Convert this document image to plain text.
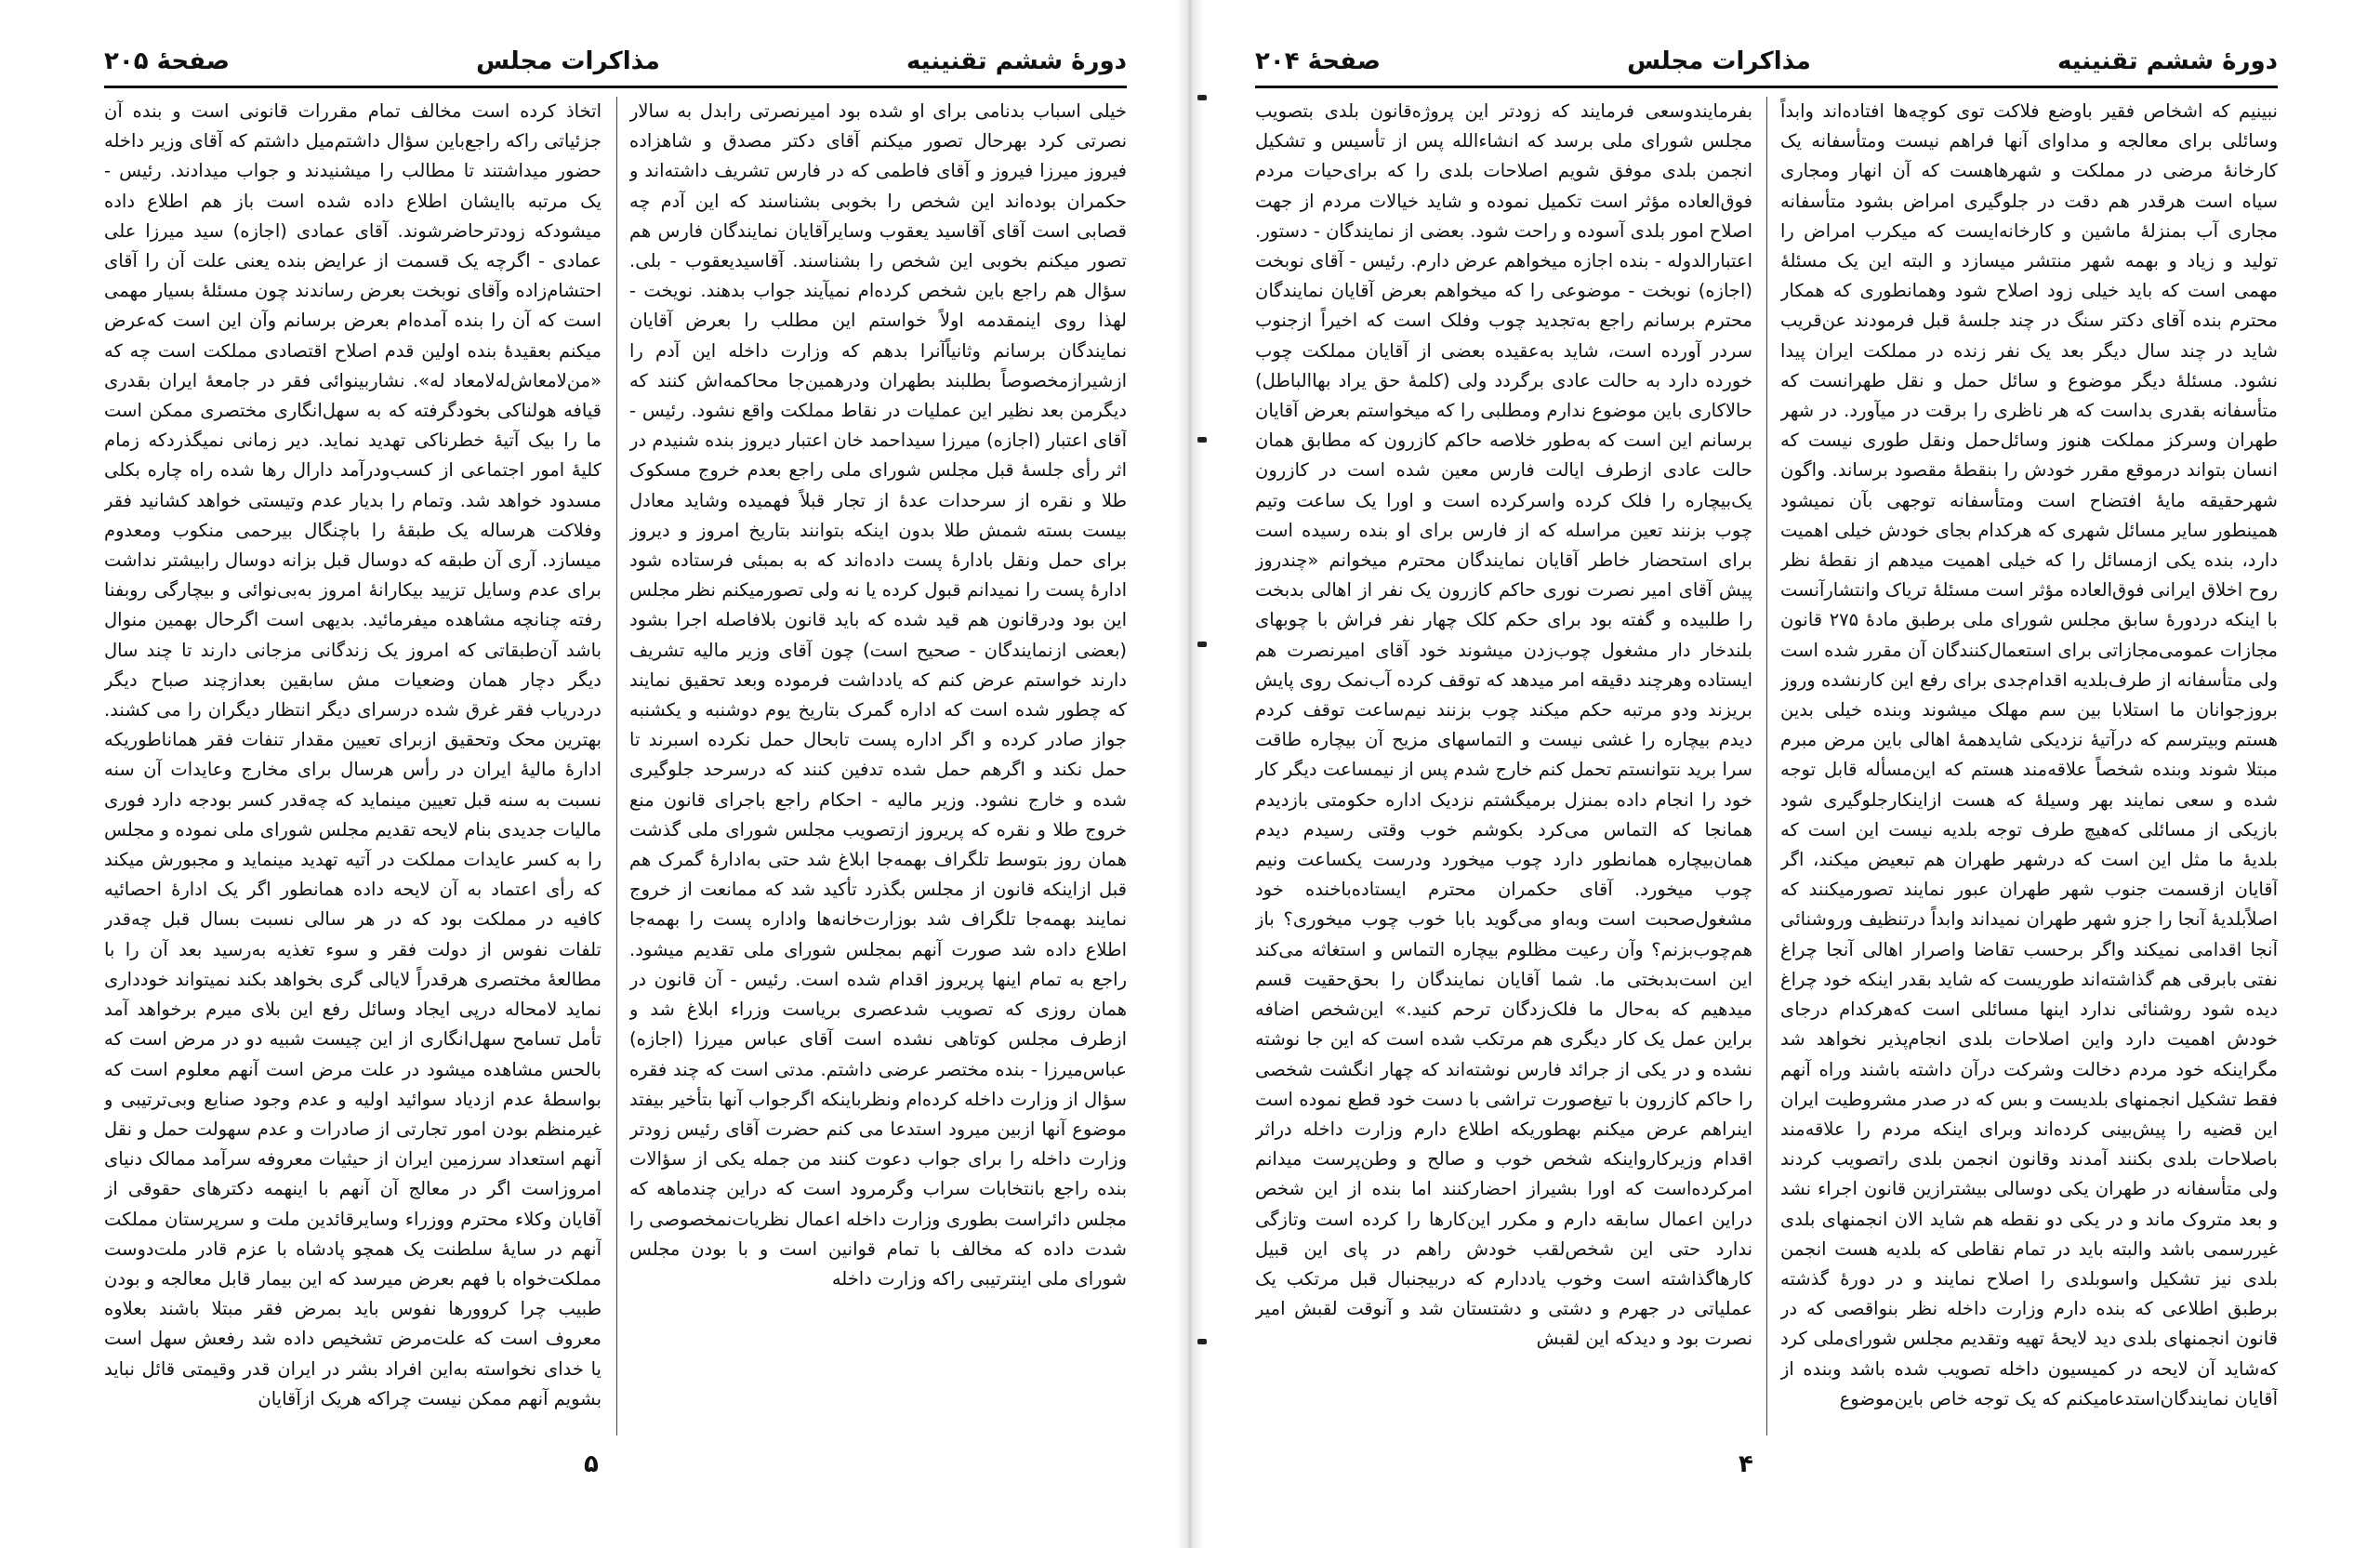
دورهٔ ششم تقنینیه
مذاکرات مجلس
صفحهٔ ۲۰۵

خیلی اسباب بدنامی برای او شده بود امیرنصرتی رابدل به سالار نصرتی کرد بهرحال تصور میکنم آقای دکتر مصدق و شاهزاده فیروز میرزا فیروز و آقای فاطمی که در فارس تشریف داشته‌اند و حکمران بوده‌اند این شخص را بخوبی بشناسند که این آدم چه قصابی است آقای آقاسید یعقوب وسایرآقایان نمایندگان فارس هم تصور میکنم بخوبی این شخص را بشناسند. آقاسیدیعقوب - بلی. سؤال هم راجع باین شخص کرده‌ام نمیآیند جواب بدهند. نویخت - لهذا روی اینمقدمه اولاً خواستم این مطلب را بعرض آقایان نمایندگان برسانم وثانیاًآنرا بدهم که وزارت داخله این آدم را ازشیرازمخصوصاً بطلبند بطهران ودرهمین‌جا محاکمه‌اش کنند که دیگرمن بعد نظیر این عملیات در نقاط مملکت واقع نشود. رئیس - آقای اعتبار (اجازه) میرزا سیداحمد خان اعتبار دیروز بنده شنیدم در اثر رأی جلسهٔ قبل مجلس شورای ملی راجع بعدم خروج مسکوک طلا و نقره از سرحدات عدهٔ از تجار قبلاً فهمیده وشاید معادل بیست بسته شمش طلا بدون اینکه بتوانند بتاریخ امروز و دیروز برای حمل ونقل بادارهٔ پست داده‌اند که به بمبئی فرستاده شود ادارهٔ پست را نمیدانم قبول کرده یا نه ولی تصورمیکنم نظر مجلس این بود ودرقانون هم قید شده که باید قانون بلافاصله اجرا بشود (بعضی ازنمایندگان - صحیح است) چون آقای وزیر مالیه تشریف دارند خواستم عرض کنم که یادداشت فرموده وبعد تحقیق نمایند که چطور شده است که اداره گمرک بتاریخ یوم دوشنبه و یکشنبه جواز صادر کرده و اگر اداره پست تابحال حمل نکرده اسبرند تا حمل نکند و اگرهم حمل شده تدفین کنند که درسرحد جلوگیری شده و خارج نشود. وزیر مالیه - احکام راجع باجرای قانون منع خروج طلا و نقره که پریروز ازتصویب مجلس شورای ملی گذشت همان روز بتوسط تلگراف بهمه‌جا ابلاغ شد حتی به‌ادارهٔ گمرک هم قبل ازاینکه قانون از مجلس بگذرد تأکید شد که ممانعت از خروج نمایند بهمه‌جا تلگراف شد بوزارت‌خانه‌ها واداره پست را بهمه‌جا اطلاع داده شد صورت آنهم بمجلس شورای ملی تقدیم میشود. راجع به تمام اینها پریروز اقدام شده است. رئیس - آن قانون در همان روزی که تصویب شدعصری بریاست وزراء ابلاغ شد و ازطرف مجلس کوتاهی نشده است آقای عباس میرزا (اجازه) عباس‌میرزا - بنده مختصر عرضی داشتم. مدتی است که چند فقره سؤال از وزارت داخله کرده‌ام ونظرباینکه اگرجواب آنها بتأخیر بیفتد موضوع آنها ازبین میرود استدعا می کنم حضرت آقای رئیس زودتر وزارت داخله را برای جواب دعوت کنند من جمله یکی از سؤالات بنده راجع بانتخابات سراب وگرمرود است که دراین چندماهه که مجلس دائراست بطوری وزارت داخله اعمال نظریات‌نمخصوصی را شدت داده که مخالف با تمام قوانین است و با بودن مجلس شورای ملی اینترتیبی راکه وزارت داخله

اتخاذ کرده است مخالف تمام مقررات قانونی است و بنده آن جزئیاتی راکه راجع‌باین سؤال داشتم‌میل داشتم که آقای وزیر داخله حضور میداشتند تا مطالب را میشنیدند و جواب میدادند. رئیس - یک مرتبه باایشان اطلاع داده شده است باز هم اطلاع داده میشودکه زودترحاضرشوند. آقای عمادی (اجازه) سید میرزا علی عمادی - اگرچه یک قسمت از عرایض بنده یعنی علت آن را آقای احتشام‌زاده وآقای نوبخت بعرض رساندند چون مسئلهٔ بسیار مهمی است که آن را بنده آمده‌ام بعرض برسانم وآن این است که‌عرض میکنم بعقیدهٔ بنده اولین قدم اصلاح اقتصادی مملکت است چه که «من‌لامعاش‌له‌لامعاد له». نشاربینوائی فقر در جامعهٔ ایران بقدری قیافه هولناکی بخودگرفته که به سهل‌انگاری مختصری ممکن است ما را بیک آتیهٔ خطرناکی تهدید نماید. دیر زمانی نمیگذردکه زمام کلیهٔ امور اجتماعی از کسب‌ودرآمد دارال رها شده راه چاره بکلی مسدود خواهد شد. وتمام را بدیار عدم وتیستی خواهد کشانید فقر وفلاکت هرساله یک طبقهٔ را باچنگال بیرحمی منکوب ومعدوم میسازد. آری آن طبقه که دوسال قبل بزانه دوسال رابیشتر نداشت برای عدم وسایل تزیید بیکارانهٔ امروز به‌بی‌نوائی و بیچارگی روبفنا رفته چنانچه مشاهده میفرمائید. بدیهی است اگرحال بهمین منوال باشد آن‌طبقاتی که امروز یک زندگانی مزجانی دارند تا چند سال دیگر دچار همان وضعیات مش سابقین بعدازچند صباح دیگر دردریاب فقر غرق شده درسرای دیگر انتظار دیگران را می کشند. بهترین محک وتحقیق ازبرای تعیین مقدار تنفات فقر هماناطوریکه ادارهٔ مالیهٔ ایران در رأس هرسال برای مخارج وعایدات آن سنه نسبت به سنه قبل تعیین مینماید که چه‌قدر کسر بودجه دارد فوری مالیات جدیدی بنام لایحه تقدیم مجلس شورای ملی نموده و مجلس را به کسر عایدات مملکت در آتیه تهدید مینماید و مجبورش میکند که رأی اعتماد به آن لایحه داده همانطور اگر یک ادارهٔ احصائیه کافیه در مملکت بود که در هر سالی نسبت بسال قبل چه‌قدر تلفات نفوس از دولت فقر و سوء تغذیه به‌رسید بعد آن را با مطالعهٔ مختصری هرقدراً لایالی گری بخواهد بکند نمیتواند خودداری نماید لامحاله درپی ایجاد وسائل رفع این بلای میرم برخواهد آمد تأمل تسامح سهل‌انگاری از این چیست شبیه دو در مرض است که بالحس مشاهده میشود در علت مرض است آنهم معلوم است که بواسطهٔ عدم ازدیاد سوائید اولیه و عدم وجود صنایع وبی‌ترتیبی و غیرمنظم بودن امور تجارتی از صادرات و عدم سهولت حمل و نقل آنهم استعداد سرزمین ایران از حیثیات معروفه سرآمد ممالک دنیای امروزاست اگر در معالج آن آنهم با اینهمه دکترهای حقوقی از آقایان وکلاء محترم ووزراء وسایرقائدین ملت و سرپرستان مملکت آنهم در سایهٔ سلطنت یک همچو پادشاه با عزم قادر ملت‌دوست مملکت‌خواه با فهم بعرض میرسد که این بیمار قابل معالجه و بودن طبیب چرا کروورها نفوس باید بمرض فقر مبتلا باشند بعلاوه معروف است که علت‌مرض تشخیص داده شد رفعش سهل است یا خدای نخواسته به‌این افراد بشر در ایران قدر وقیمتی قائل نباید بشویم آنهم ممکن نیست چراکه هریک ازآقایان

۵
دورهٔ ششم تقنینیه
مذاکرات مجلس
صفحهٔ ۲۰۴

نبینیم که اشخاص فقیر باوضع فلاکت توی کوچه‌ها افتاده‌اند وابداً وسائلی برای معالجه و مداوای آنها فراهم نیست ومتأسفانه یک کارخانهٔ مرضی در مملکت و شهرهاهست که آن انهار ومجاری سیاه است هرقدر هم دقت در جلوگیری امراض بشود متأسفانه مجاری آب بمنزلهٔ ماشین و کارخانه‌ایست که میکرب امراض را تولید و زیاد و بهمه شهر منتشر میسازد و البته این یک مسئلهٔ مهمی است که باید خیلی زود اصلاح شود وهمانطوری که همکار محترم بنده آقای دکتر سنگ در چند جلسهٔ قبل فرمودند عن‌قریب شاید در چند سال دیگر بعد یک نفر زنده در مملکت ایران پیدا نشود. مسئلهٔ دیگر موضوع و سائل حمل و نقل طهرانست که متأسفانه بقدری بداست که هر ناظری را برقت در میآورد. در شهر طهران وسرکز مملکت هنوز وسائل‌حمل ونقل طوری نیست که انسان بتواند درموقع مقرر خودش را بنقطهٔ مقصود برساند. واگون شهرحقیقه مایهٔ افتضاح است ومتأسفانه توجهی بآن نمیشود همینطور سایر مسائل شهری که هرکدام بجای خودش خیلی اهمیت دارد، بنده یکی ازمسائل را که خیلی اهمیت میدهم از نقطهٔ نظر روح اخلاق ایرانی فوق‌العاده مؤثر است مسئلهٔ تریاک وانتشارآنست با اینکه دردورهٔ سابق مجلس شورای ملی برطبق مادهٔ ۲۷۵ قانون مجازات عمومی‌مجازاتی برای استعمال‌کنندگان آن مقرر شده است ولی متأسفانه از طرف‌بلدیه اقدام‌جدی برای رفع این کارنشده وروز بروزجوانان ما استلابا بین سم مهلک میشوند وبنده خیلی بدین هستم وبیترسم که درآتیهٔ نزدیکی شایدهمهٔ اهالی باین مرض مبرم مبتلا شوند وبنده شخصاً علاقه‌مند هستم که این‌مسأله قابل توجه شده و سعی نمایند بهر وسیلهٔ که هست ازاینکارجلوگیری شود بازیکی از مسائلی که‌هیچ طرف توجه بلدیه نیست این است که بلدیهٔ ما مثل این است که درشهر طهران هم تبعیض میکند، اگر آقایان ازقسمت جنوب شهر طهران عبور نمایند تصورمیکنند که اصلاًبلدیهٔ آنجا را جزو شهر طهران نمیداند وابداً درتنظیف وروشنائی آنجا اقدامی نمیکند واگر برحسب تقاضا واصرار اهالی آنجا چراغ نفتی بابرقی هم گذاشته‌اند طوریست که شاید بقدر اینکه خود چراغ دیده شود روشنائی ندارد اینها مسائلی است که‌هرکدام درجای خودش اهمیت دارد واین اصلاحات بلدی انجام‌پذیر نخواهد شد مگراینکه خود مردم دخالت وشرکت درآن داشته باشند وراه آنهم فقط تشکیل انجمنهای بلدیست و بس که در صدر مشروطیت ایران این قضیه را پیش‌بینی کرده‌اند وبرای اینکه مردم را علاقه‌مند باصلاحات بلدی بکنند آمدند وقانون انجمن بلدی راتصویب کردند ولی متأسفانه در طهران یکی دوسالی بیشترازین قانون اجراء نشد و بعد متروک ماند و در یکی دو نقطه هم شاید الان انجمنهای بلدی غیررسمی باشد والبته باید در تمام نقاطی که بلدیه هست انجمن بلدی نیز تشکیل واسوبلدی را اصلاح نمایند و در دورهٔ گذشته برطبق اطلاعی که بنده دارم وزارت داخله نظر بنواقصی که در قانون انجمنهای بلدی دید لایحهٔ تهیه وتقدیم مجلس شورای‌ملی کرد که‌شاید آن لایحه در کمیسیون داخله تصویب شده باشد وبنده از آقایان نمایندگان‌استدعامیکنم که یک توجه خاص باین‌موضوع

بفرمایندوسعی فرمایند که زودتر این پروژه‌قانون بلدی بتصویب مجلس شورای ملی برسد که انشاءالله پس از تأسیس و تشکیل انجمن بلدی موفق شویم اصلاحات بلدی را که برای‌حیات مردم فوق‌العاده مؤثر است تکمیل نموده و شاید خیالات مردم از جهت اصلاح امور بلدی آسوده و راحت شود. بعضی از نمایندگان - دستور. اعتبارالدوله - بنده اجازه میخواهم عرض دارم. رئیس - آقای نوبخت (اجازه) نوبخت - موضوعی را که میخواهم بعرض آقایان نمایندگان محترم برسانم راجع به‌تجدید چوب وفلک است که اخیراً ازجنوب سردر آورده است، شاید به‌عقیده بعضی از آقایان مملکت چوب خورده دارد به حالت عادی برگردد ولی (کلمهٔ حق یراد بهاالباطل) حالاکاری باین موضوع ندارم ومطلبی را که میخواستم بعرض آقایان برسانم این است که به‌طور خلاصه حاکم کازرون که مطابق همان حالت عادی ازطرف ایالت فارس معین شده است در کازرون یک‌بیچاره را فلک کرده واسرکرده است و اورا یک ساعت وتیم چوب بزنند تعین مراسله که از فارس برای او بنده رسیده است برای استحضار خاطر آقایان نمایندگان محترم میخوانم «چندروز پیش آقای امیر نصرت نوری حاکم کازرون یک نفر از اهالی بدبخت را طلبیده و گفته بود برای حکم کلک چهار نفر فراش با چوبهای بلندخار دار مشغول چوب‌زدن میشوند خود آقای امیرنصرت هم ایستاده وهرچند دقیقه امر میدهد که توقف کرده آب‌نمک روی پایش بریزند ودو مرتبه حکم میکند چوب بزنند نیم‌ساعت توقف کردم دیدم بیچاره را غشی نیست و التماسهای مزیح آن بیچاره طاقت سرا برید نتوانستم تحمل کنم خارج شدم پس از نیمساعت دیگر کار خود را انجام داده بمنزل برمیگشتم نزدیک اداره حکومتی بازدیدم همانجا که التماس می‌کرد بکوشم خوب وقتی رسیدم دیدم همان‌بیچاره همانطور دارد چوب میخورد ودرست یکساعت ونیم چوب میخورد. آقای حکمران محترم ایستاده‌باخنده خود مشغول‌صحبت است وبه‌او می‌گوید بابا خوب چوب میخوری؟ باز هم‌چوب‌بزنم؟ وآن رعیت مظلوم بیچاره التماس و استغاثه می‌کند این است‌بدبختی ما. شما آقایان نمایندگان را بحق‌حقیت قسم میدهیم که به‌حال ما فلک‌زدگان ترحم کنید.» این‌شخص اضافه براین عمل یک کار دیگری هم مرتکب شده است که این جا نوشته نشده و در یکی از جرائد فارس نوشته‌اند که چهار انگشت شخصی را حاکم کازرون با تیغ‌صورت تراشی با دست خود قطع نموده است اینراهم عرض میکنم بهطوریکه اطلاع دارم وزارت داخله دراثر اقدام وزیرکارواینکه شخص خوب و صالح و وطن‌پرست میدانم امرکرده‌است که اورا بشیراز احضارکنند اما بنده از این شخص دراین اعمال سابقه دارم و مکرر این‌کارها را کرده است وتازگی ندارد حتی این شخص‌لقب خودش را‌هم در پای این قبیل کارهاگذاشته است وخوب یاددارم که دربیجنبال قبل مرتکب یک عملیاتی در جهرم و دشتی و دشتستان شد و آنوقت لقبش امیر نصرت بود و دیدکه این لقبش

۴
